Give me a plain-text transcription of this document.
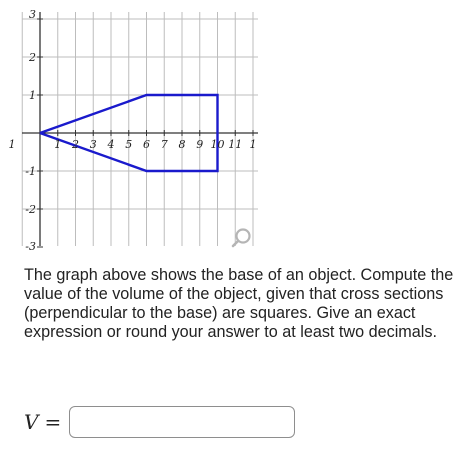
1 2 3 4 5 6 7 8 9 10 11 1
1
3
2
1
-1
-2
-3

The graph above shows the base of an object. Compute the value of the volume of the object, given that cross sections (perpendicular to the base) are squares. Give an exact expression or round your answer to at least two decimals.

V =
